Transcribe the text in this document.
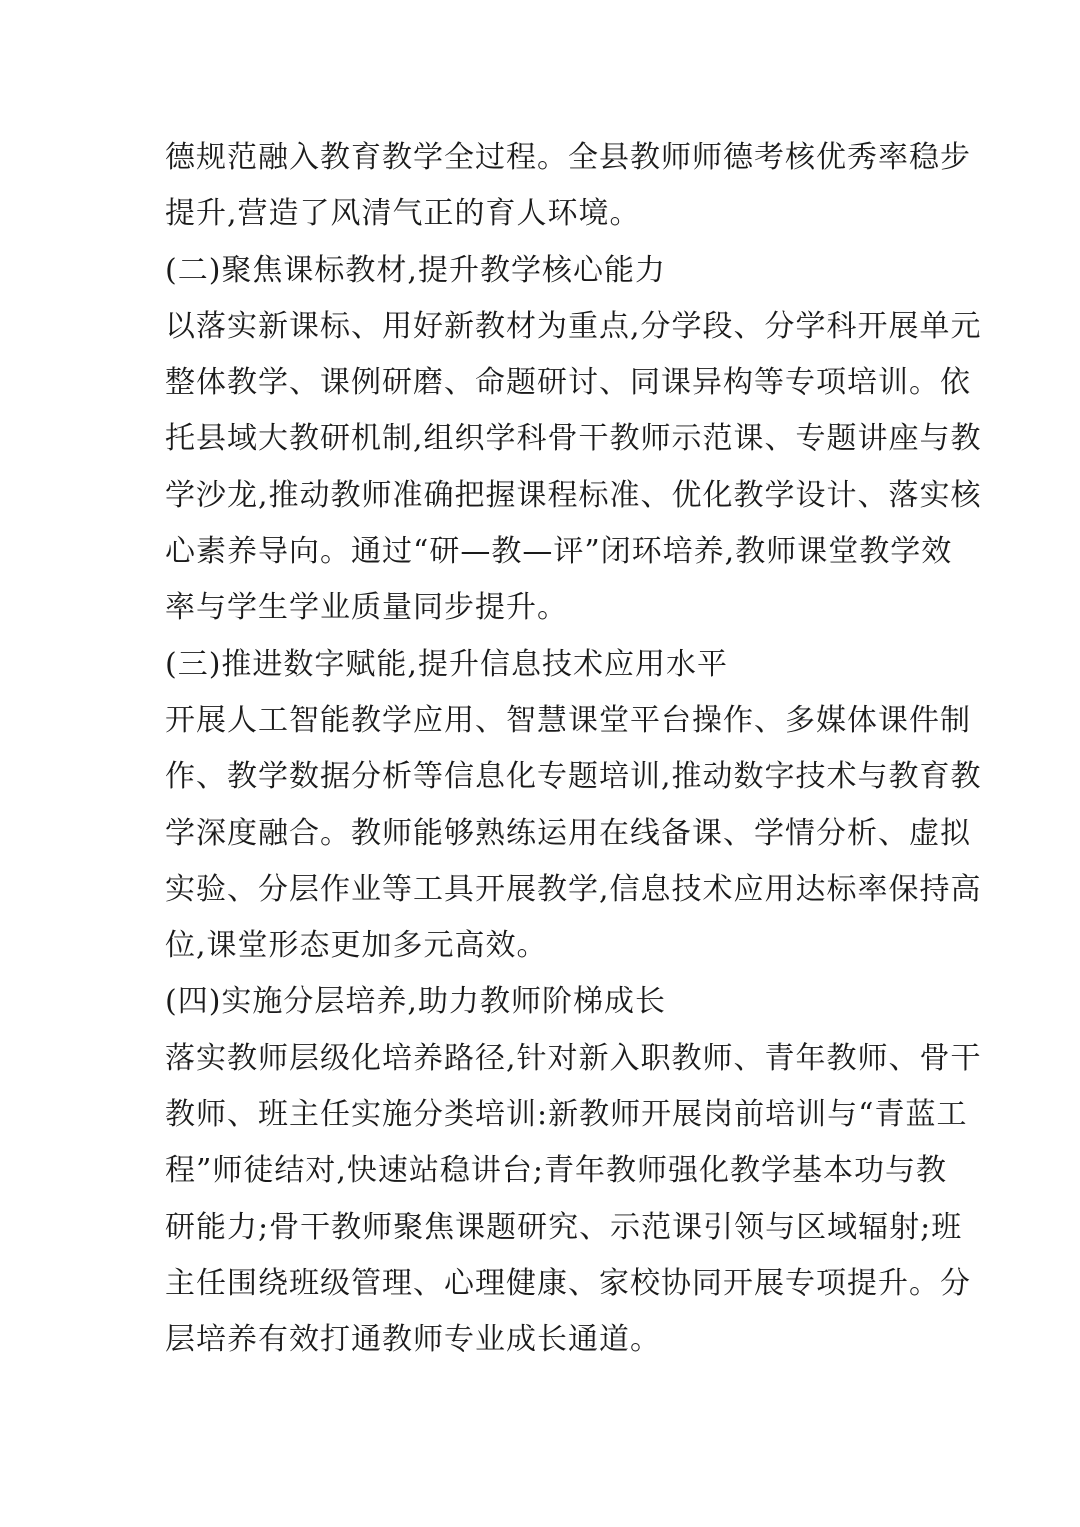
德规范融入教育教学全过程。全县教师师德考核优秀率稳步
提升,营造了风清气正的育人环境。

(二)聚焦课标教材,提升教学核心能力

以落实新课标、用好新教材为重点,分学段、分学科开展单元
整体教学、课例研磨、命题研讨、同课异构等专项培训。依
托县域大教研机制,组织学科骨干教师示范课、专题讲座与教
学沙龙,推动教师准确把握课程标准、优化教学设计、落实核
心素养导向。通过“研—教—评”闭环培养,教师课堂教学效
率与学生学业质量同步提升。

(三)推进数字赋能,提升信息技术应用水平

开展人工智能教学应用、智慧课堂平台操作、多媒体课件制
作、教学数据分析等信息化专题培训,推动数字技术与教育教
学深度融合。教师能够熟练运用在线备课、学情分析、虚拟
实验、分层作业等工具开展教学,信息技术应用达标率保持高
位,课堂形态更加多元高效。

(四)实施分层培养,助力教师阶梯成长

落实教师层级化培养路径,针对新入职教师、青年教师、骨干
教师、班主任实施分类培训:新教师开展岗前培训与“青蓝工
程”师徒结对,快速站稳讲台;青年教师强化教学基本功与教
研能力;骨干教师聚焦课题研究、示范课引领与区域辐射;班
主任围绕班级管理、心理健康、家校协同开展专项提升。分
层培养有效打通教师专业成长通道。
